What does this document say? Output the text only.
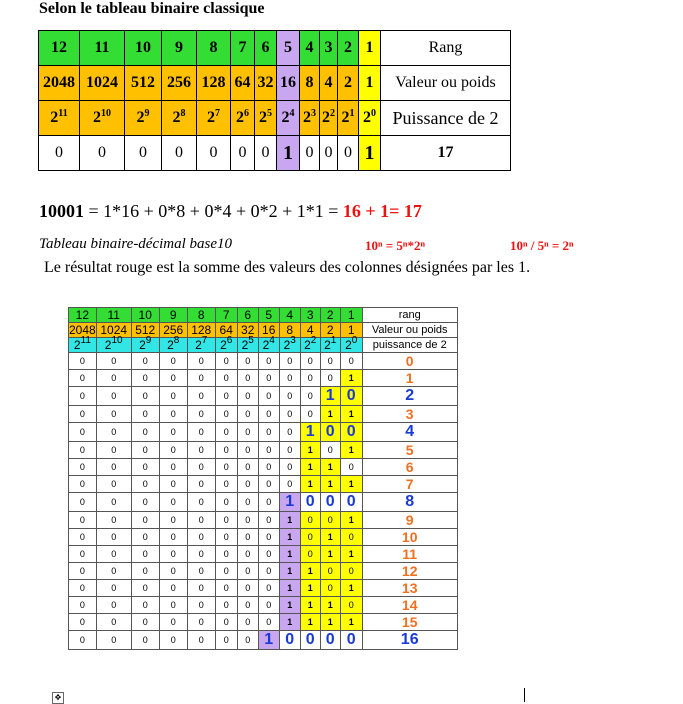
Selon le tableau binaire classique
12	11	10	9	8	7	6	5	4	3	2	1	Rang
2048	1024	512	256	128	64	32	16	8	4	2	1	Valeur ou poids
$2^{11}$	$2^{10}$	$2^9$	$2^8$	$2^7$	$2^6$	$2^5$	$2^4$	$2^3$	$2^2$	$2^1$	$2^0$	Puissance de 2
0	0	0	0	0	0	0	1	0	0	0	1	17
10001 = 1*16 + 0*8 + 0*4 + 0*2 + 1*1 = 16 + 1= 17
Tableau binaire-décimal base10	10ⁿ = 5ⁿ*2ⁿ	10ⁿ / 5ⁿ = 2ⁿ
Le résultat rouge est la somme des valeurs des colonnes désignées par les 1.
12	11	10	9	8	7	6	5	4	3	2	1	rang
2048	1024	512	256	128	64	32	16	8	4	2	1	Valeur ou poids
$2^{11}$	$2^{10}$	$2^9$	$2^8$	$2^7$	$2^6$	$2^5$	$2^4$	$2^3$	$2^2$	$2^1$	$2^0$	puissance de 2
0	0	0	0	0	0	0	0	0	0	0	0	0
0	0	0	0	0	0	0	0	0	0	0	1	1
0	0	0	0	0	0	0	0	0	0	1	0	2
0	0	0	0	0	0	0	0	0	0	1	1	3
0	0	0	0	0	0	0	0	0	1	0	0	4
0	0	0	0	0	0	0	0	0	1	0	1	5
0	0	0	0	0	0	0	0	0	1	1	0	6
0	0	0	0	0	0	0	0	0	1	1	1	7
0	0	0	0	0	0	0	0	1	0	0	0	8
0	0	0	0	0	0	0	0	1	0	0	1	9
0	0	0	0	0	0	0	0	1	0	1	0	10
0	0	0	0	0	0	0	0	1	0	1	1	11
0	0	0	0	0	0	0	0	1	1	0	0	12
0	0	0	0	0	0	0	0	1	1	0	1	13
0	0	0	0	0	0	0	0	1	1	1	0	14
0	0	0	0	0	0	0	0	1	1	1	1	15
0	0	0	0	0	0	0	1	0	0	0	0	16
✥
